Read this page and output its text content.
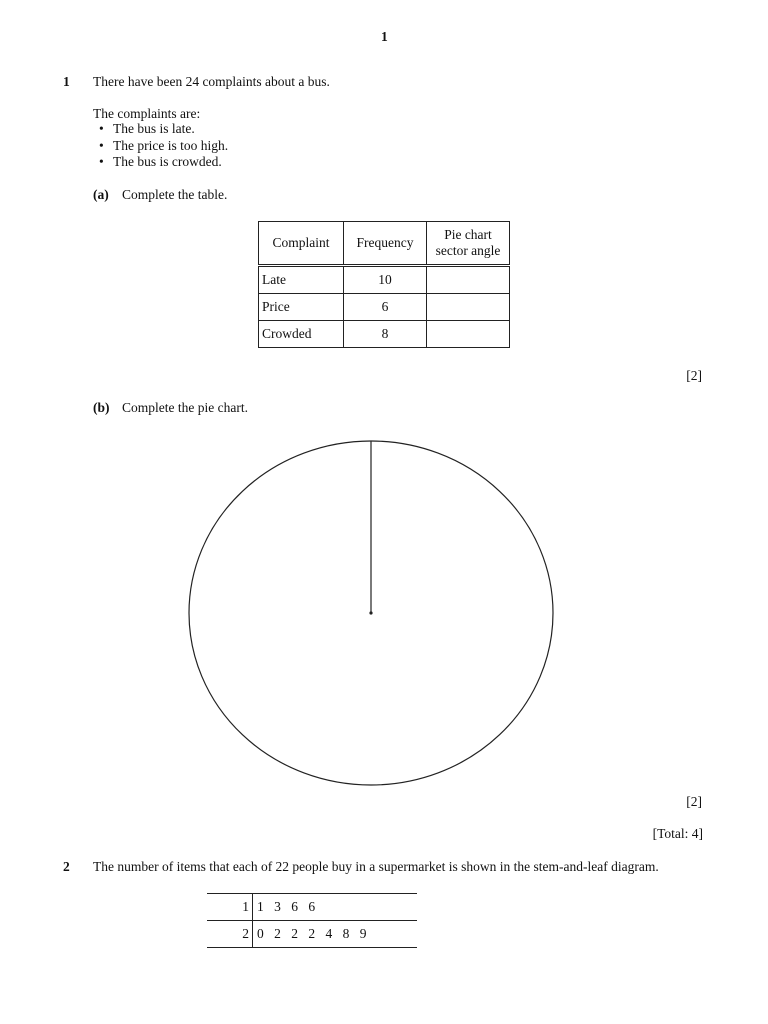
1
1 There have been 24 complaints about a bus.
The complaints are:
• The bus is late.
• The price is too high.
• The bus is crowded.
(a) Complete the table.
Complaint	Frequency	Pie chart sector angle
Late	10	
Price	6	
Crowded	8	
[2]
(b) Complete the pie chart.
[2]
[Total: 4]
2 The number of items that each of 22 people buy in a supermarket is shown in the stem-and-leaf diagram.
1	1 3 6 6
2	0 2 2 2 4 8 9
